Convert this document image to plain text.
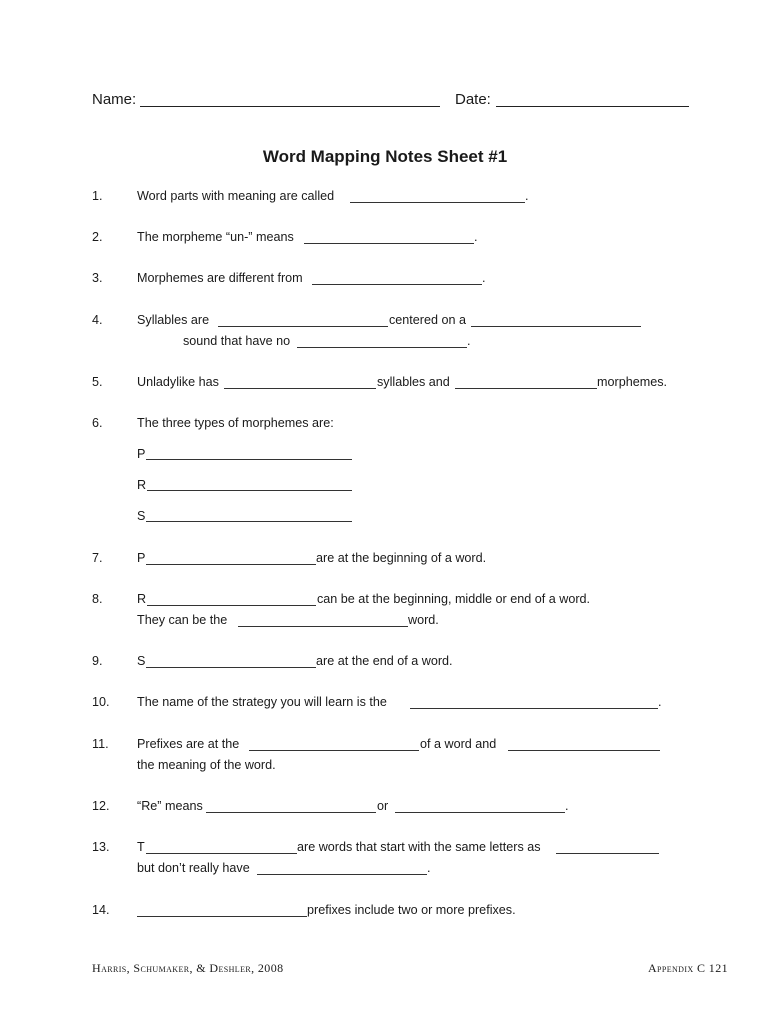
Name:	Date:
Word Mapping Notes Sheet #1
1.	Word parts with meaning are called	.
2.	The morpheme “un-” means	.
3.	Morphemes are different from	.
4.	Syllables are	centered on a
sound that have no	.
5.	Unladylike has	syllables and	morphemes.
6.	The three types of morphemes are:
P
R
S
7.	P	are at the beginning of a word.
8.	R	can be at the beginning, middle or end of a word.
They can be the	word.
9.	S	are at the end of a word.
10. The name of the strategy you will learn is the	.
11. Prefixes are at the	of a word and
the meaning of the word.
12. “Re” means	or	.
13. T	are words that start with the same letters as
but don’t really have	.
14.	prefixes include two or more prefixes.
Harris, Schumaker, & Deshler, 2008	Appendix C 121
